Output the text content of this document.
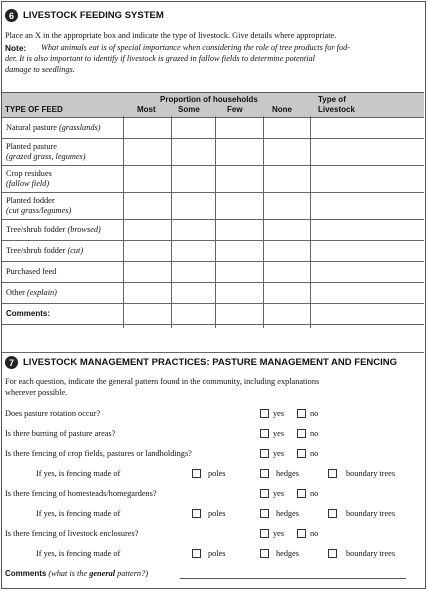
6 LIVESTOCK FEEDING SYSTEM
Place an X in the appropriate box and indicate the type of livestock. Give details where appropriate.
Note: What animals eat is of special importance when considering the role of tree products for fod-
der. It is also important to identify if livestock is grazed in fallow fields to determine potential
damage to seedlings.
TYPE OF FEED
Proportion of households
Most	Some	Few	None
Type of
Livestock
Natural pasture (grasslands)
Planted pasture
(grazed grass, legumes)
Crop residues
(fallow field)
Planted fodder
(cut grass/legumes)
Tree/shrub fodder (browsed)
Tree/shrub fodder (cut)
Purchased feed
Other (explain)
Comments:
7 LIVESTOCK MANAGEMENT PRACTICES: PASTURE MANAGEMENT AND FENCING
For each question, indicate the general pattern found in the community, including explanations
wherever possible.
Does pasture rotation occur?	yes	no
Is there burning of pasture areas?	yes	no
Is there fencing of crop fields, pastures or landholdings?	yes	no
If yes, is fencing made of	poles	hedges	boundary trees
Is there fencing of homesteads/homegardens?	yes	no
If yes, is fencing made of	poles	hedges	boundary trees
Is there fencing of livestock enclosures?	yes	no
If yes, is fencing made of	poles	hedges	boundary trees
Comments (what is the general pattern?)
